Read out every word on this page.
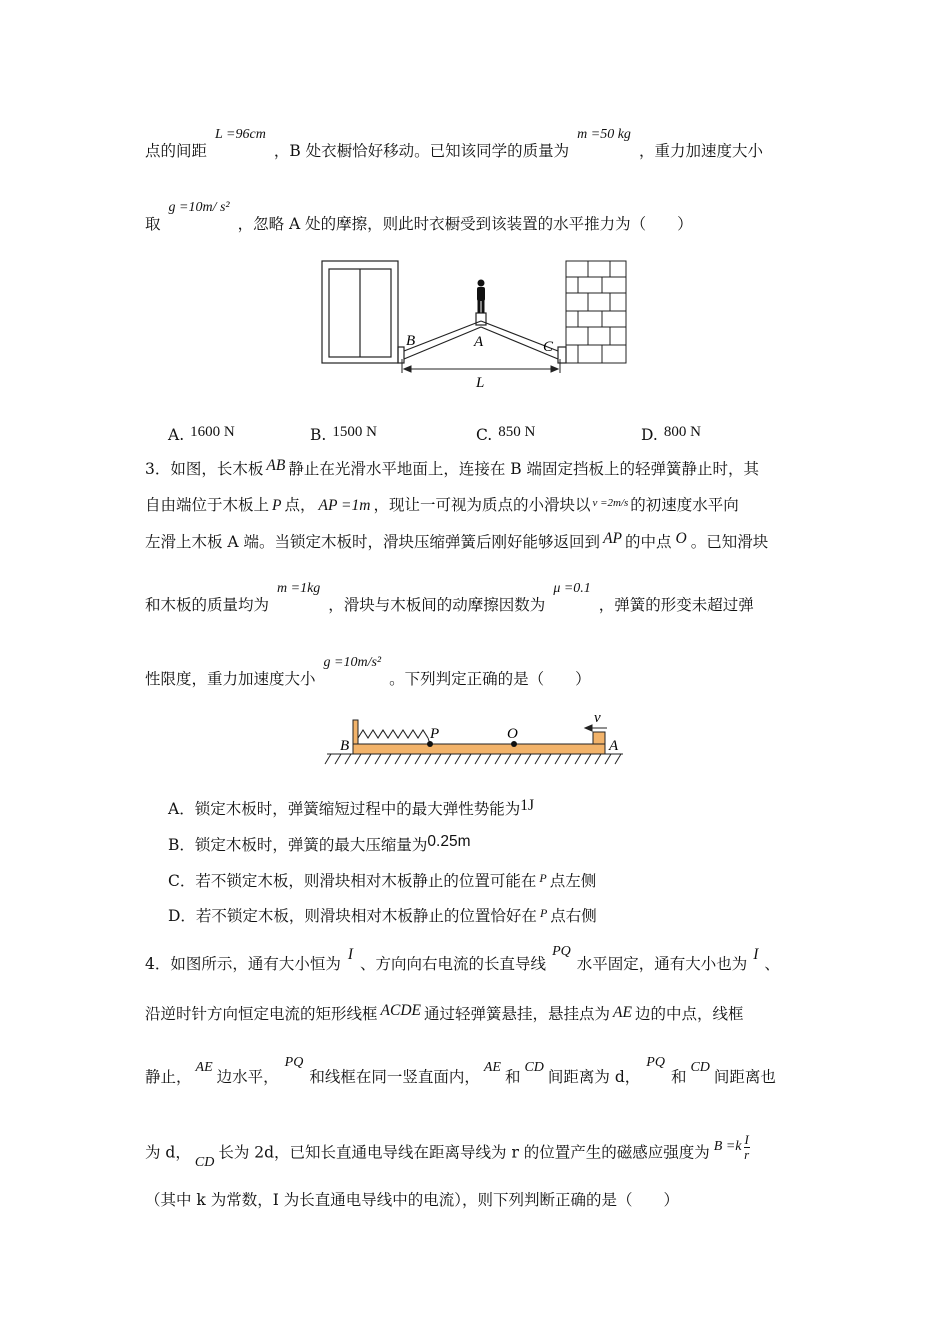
点的间距L =96cm，B 处衣橱恰好移动。已知该同学的质量为m =50 kg，重力加速度大小
取g =10m/ s²，忽略 A 处的摩擦，则此时衣橱受到该装置的水平推力为（　　）
B	A	C
L
A. 1600 N	B. 1500 N	C. 850 N	D. 800 N
3．如图，长木板 AB 静止在光滑水平地面上，连接在 B 端固定挡板上的轻弹簧静止时，其
自由端位于木板上 P 点， AP =1m ，现让一可视为质点的小滑块以 $^{v =2m/s}$ 的初速度水平向
左滑上木板 A 端。当锁定木板时，滑块压缩弹簧后刚好能够返回到 AP 的中点 O 。已知滑块
和木板的质量均为m =1kg，滑块与木板间的动摩擦因数为μ =0.1，弹簧的形变未超过弹
性限度，重力加速度大小g =10m/s²。下列判定正确的是（　　）
B
P	O
v
A
A．锁定木板时，弹簧缩短过程中的最大弹性势能为1J
B．锁定木板时，弹簧的最大压缩量为0.25m
C．若不锁定木板，则滑块相对木板静止的位置可能在 $^P$ 点左侧
D．若不锁定木板，则滑块相对木板静止的位置恰好在 $^P$ 点右侧
4．如图所示，通有大小恒为I、方向向右电流的长直导线PQ水平固定，通有大小也为I、
沿逆时针方向恒定电流的矩形线框 ACDE 通过轻弹簧悬挂，悬挂点为 AE 边的中点，线框
静止，AE边水平，PQ和线框在同一竖直面内，AE和CD间距离为 d，PQ和CD间距离也
为 d，CD长为 2d，已知长直通电导线在距离导线为 r 的位置产生的磁感应强度为 $B =k \frac{I}{r}$
（其中 k 为常数，I 为长直通电导线中的电流），则下列判断正确的是（　　）
